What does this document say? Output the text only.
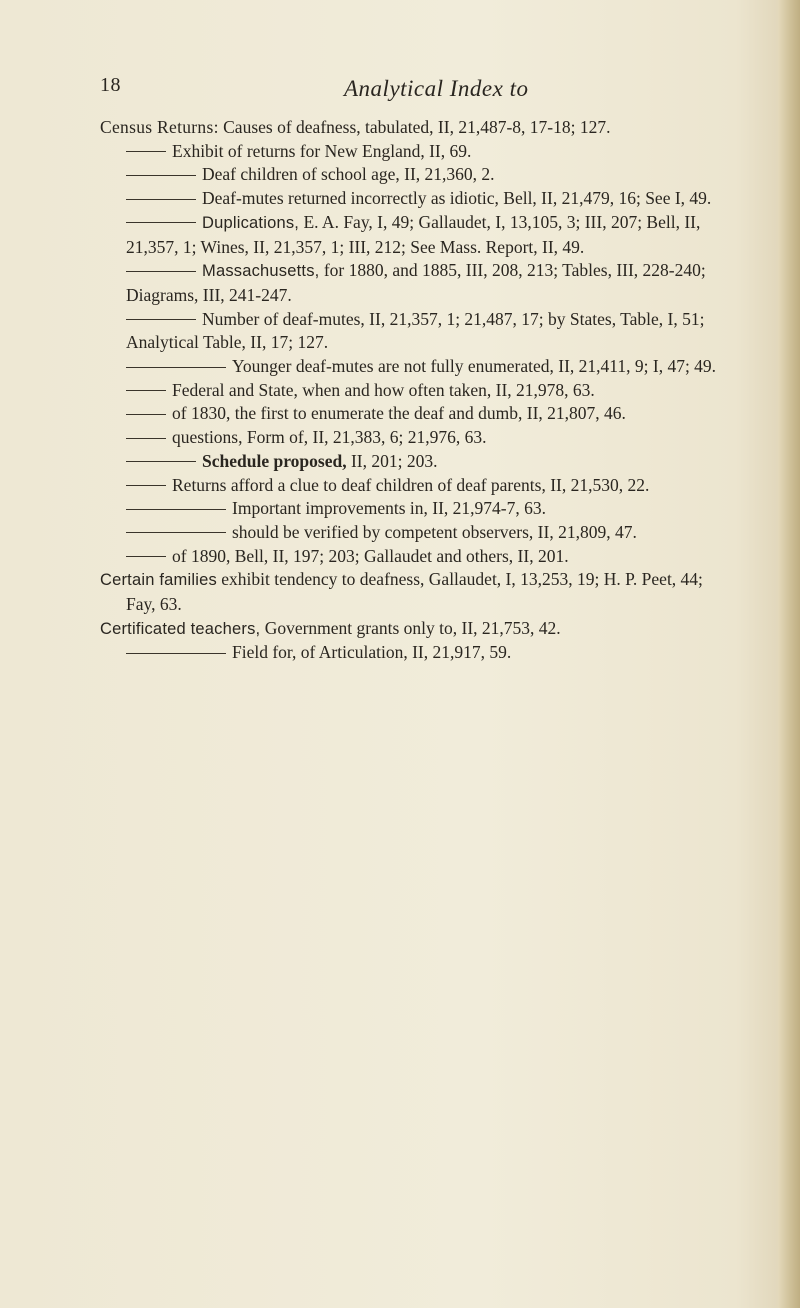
18	Analytical Index to
Census Returns: Causes of deafness, tabulated, II, 21,487-8, 17-18; 127.
Exhibit of returns for New England, II, 69.
Deaf children of school age, II, 21,360, 2.
Deaf-mutes returned incorrectly as idiotic, Bell, II, 21,479, 16; See I, 49.
Duplications, E. A. Fay, I, 49; Gallaudet, I, 13,105, 3; III, 207; Bell, II, 21,357, 1; Wines, II, 21,357, 1; III, 212; See Mass. Report, II, 49.
Massachusetts, for 1880, and 1885, III, 208, 213; Tables, III, 228-240; Diagrams, III, 241-247.
Number of deaf-mutes, II, 21,357, 1; 21,487, 17; by States, Table, I, 51; Analytical Table, II, 17; 127.
Younger deaf-mutes are not fully enumerated, II, 21,411, 9; I, 47; 49.
Federal and State, when and how often taken, II, 21,978, 63.
of 1830, the first to enumerate the deaf and dumb, II, 21,807, 46.
questions, Form of, II, 21,383, 6; 21,976, 63.
Schedule proposed, II, 201; 203.
Returns afford a clue to deaf children of deaf parents, II, 21,530, 22.
Important improvements in, II, 21,974-7, 63.
should be verified by competent observers, II, 21,809, 47.
of 1890, Bell, II, 197; 203; Gallaudet and others, II, 201.
Certain families exhibit tendency to deafness, Gallaudet, I, 13,253, 19; H. P. Peet, 44; Fay, 63.
Certificated teachers, Government grants only to, II, 21,753, 42.
Field for, of Articulation, II, 21,917, 59.
